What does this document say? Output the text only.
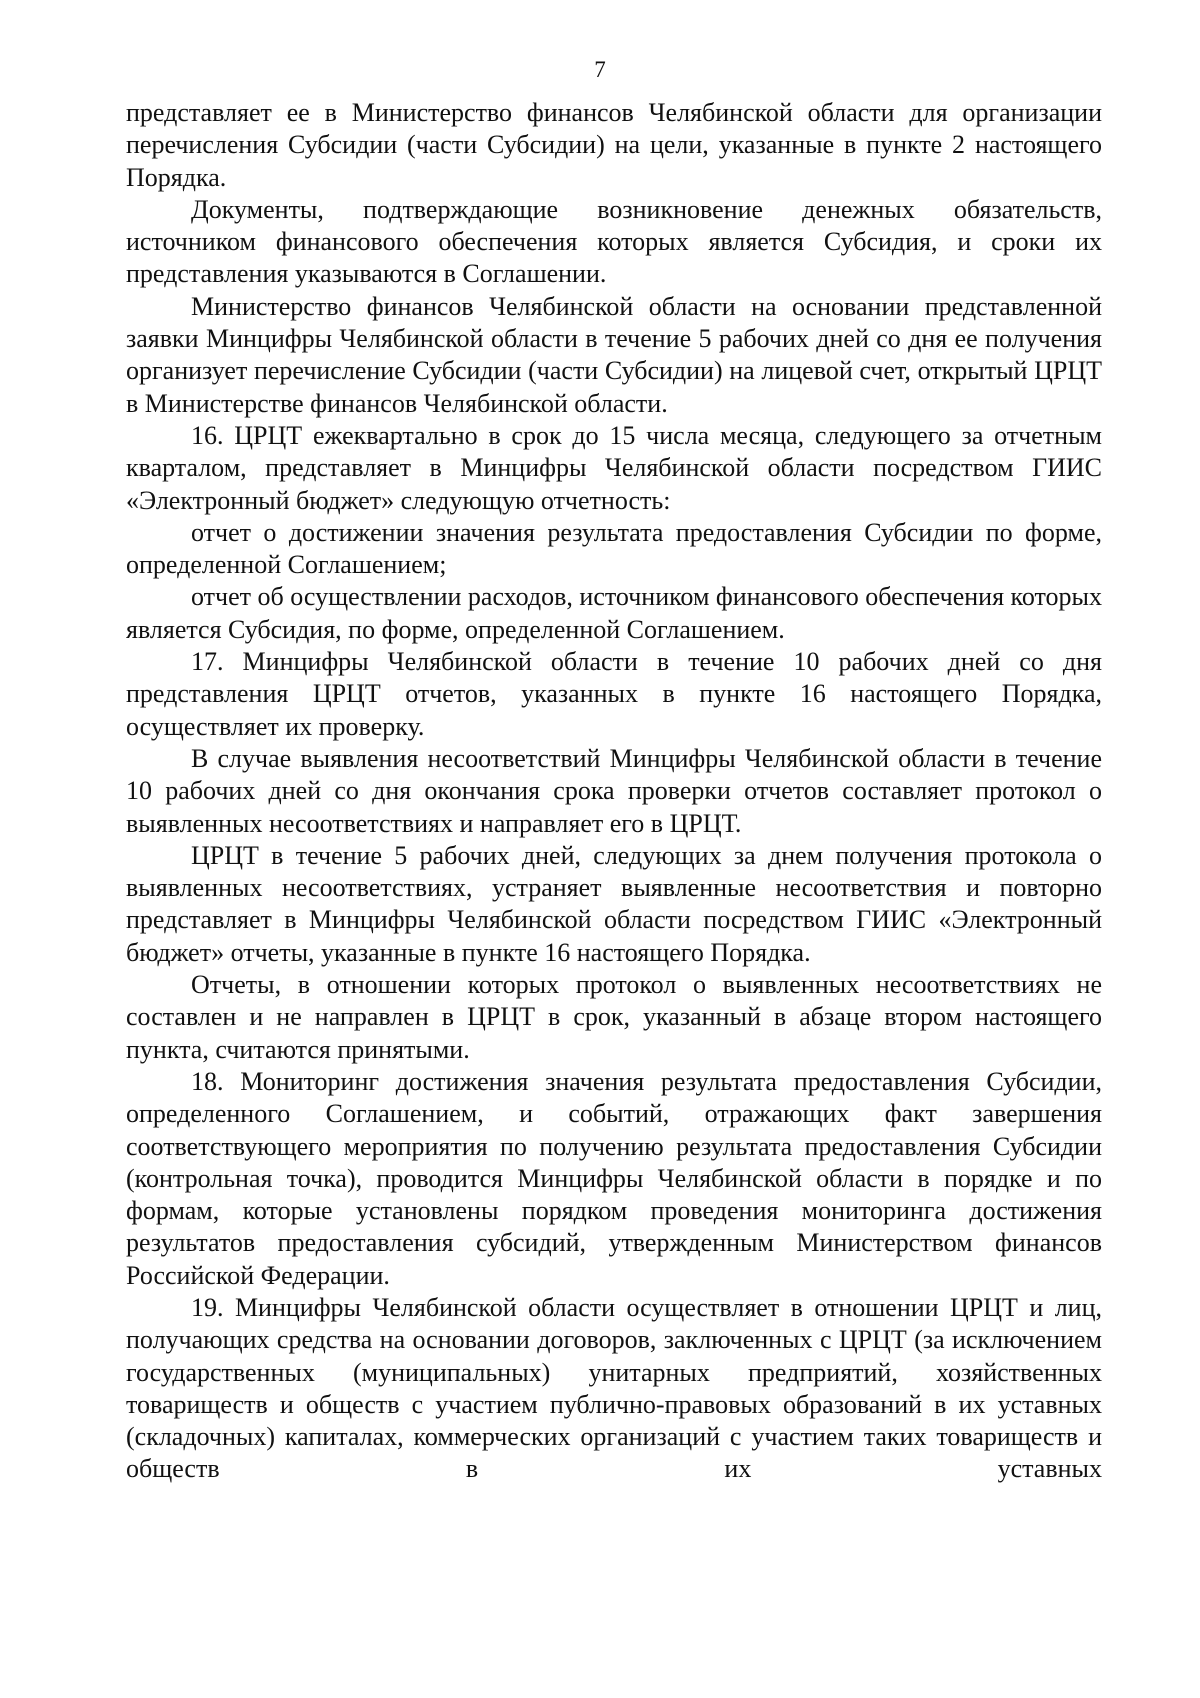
7

представляет ее в Министерство финансов Челябинской области для организации перечисления Субсидии (части Субсидии) на цели, указанные в пункте 2 настоящего Порядка.

Документы, подтверждающие возникновение денежных обязательств, источником финансового обеспечения которых является Субсидия, и сроки их представления указываются в Соглашении.

Министерство финансов Челябинской области на основании представленной заявки Минцифры Челябинской области в течение 5 рабочих дней со дня ее получения организует перечисление Субсидии (части Субсидии) на лицевой счет, открытый ЦРЦТ в Министерстве финансов Челябинской области.

16. ЦРЦТ ежеквартально в срок до 15 числа месяца, следующего за отчетным кварталом, представляет в Минцифры Челябинской области посредством ГИИС «Электронный бюджет» следующую отчетность:

отчет о достижении значения результата предоставления Субсидии по форме, определенной Соглашением;

отчет об осуществлении расходов, источником финансового обеспечения которых является Субсидия, по форме, определенной Соглашением.

17. Минцифры Челябинской области в течение 10 рабочих дней со дня представления ЦРЦТ отчетов, указанных в пункте 16 настоящего Порядка, осуществляет их проверку.

В случае выявления несоответствий Минцифры Челябинской области в течение 10 рабочих дней со дня окончания срока проверки отчетов составляет протокол о выявленных несоответствиях и направляет его в ЦРЦТ.

ЦРЦТ в течение 5 рабочих дней, следующих за днем получения протокола о выявленных несоответствиях, устраняет выявленные несоответствия и повторно представляет в Минцифры Челябинской области посредством ГИИС «Электронный бюджет» отчеты, указанные в пункте 16 настоящего Порядка.

Отчеты, в отношении которых протокол о выявленных несоответствиях не составлен и не направлен в ЦРЦТ в срок, указанный в абзаце втором настоящего пункта, считаются принятыми.

18. Мониторинг достижения значения результата предоставления Субсидии, определенного Соглашением, и событий, отражающих факт завершения соответствующего мероприятия по получению результата предоставления Субсидии (контрольная точка), проводится Минцифры Челябинской области в порядке и по формам, которые установлены порядком проведения мониторинга достижения результатов предоставления субсидий, утвержденным Министерством финансов Российской Федерации.

19. Минцифры Челябинской области осуществляет в отношении ЦРЦТ и лиц, получающих средства на основании договоров, заключенных с ЦРЦТ (за исключением государственных (муниципальных) унитарных предприятий, хозяйственных товариществ и обществ с участием публично-правовых образований в их уставных (складочных) капиталах, коммерческих организаций с участием таких товариществ и обществ в их уставных
